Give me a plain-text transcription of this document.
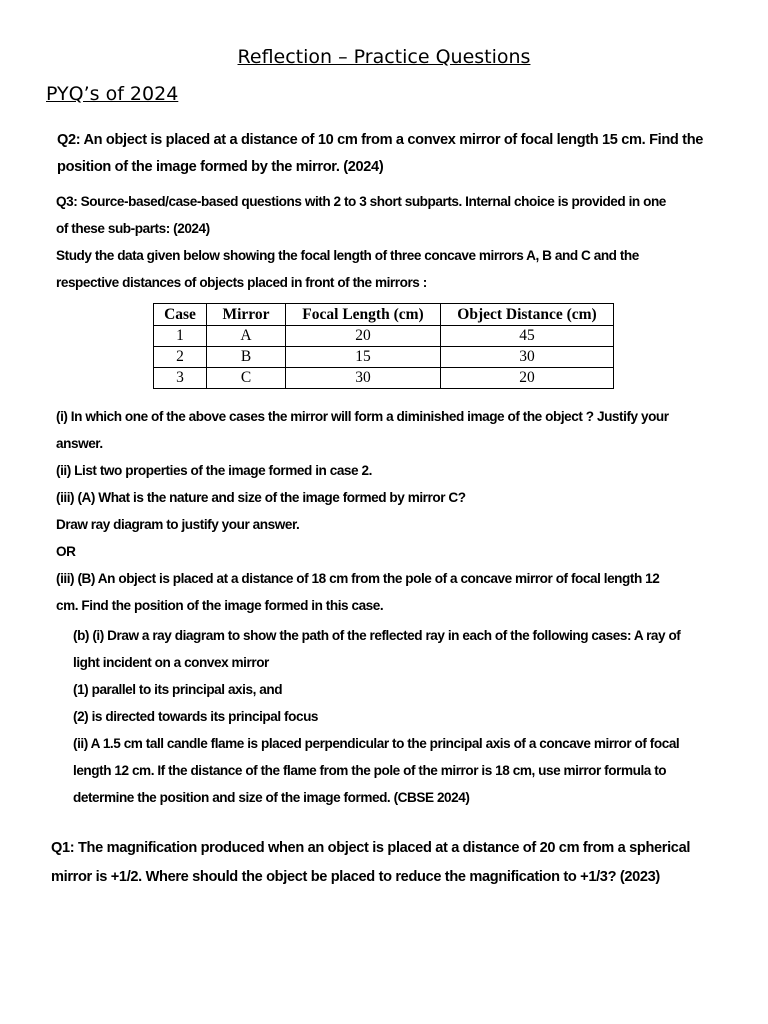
Reflection – Practice Questions
PYQ’s of 2024
Q2: An object is placed at a distance of 10 cm from a convex mirror of focal length 15 cm. Find the
position of the image formed by the mirror. (2024)
Q3: Source-based/case-based questions with 2 to 3 short subparts. Internal choice is provided in one
of these sub-parts: (2024)
Study the data given below showing the focal length of three concave mirrors A, B and C and the
respective distances of objects placed in front of the mirrors :
Case	Mirror	Focal Length (cm)	Object Distance (cm)
1	A	20	45
2	B	15	30
3	C	30	20
(i) In which one of the above cases the mirror will form a diminished image of the object ? Justify your
answer.
(ii) List two properties of the image formed in case 2.
(iii) (A) What is the nature and size of the image formed by mirror C?
Draw ray diagram to justify your answer.
OR
(iii) (B) An object is placed at a distance of 18 cm from the pole of a concave mirror of focal length 12
cm. Find the position of the image formed in this case.
(b) (i) Draw a ray diagram to show the path of the reflected ray in each of the following cases: A ray of
light incident on a convex mirror
(1) parallel to its principal axis, and
(2) is directed towards its principal focus
(ii) A 1.5 cm tall candle flame is placed perpendicular to the principal axis of a concave mirror of focal
length 12 cm. If the distance of the flame from the pole of the mirror is 18 cm, use mirror formula to
determine the position and size of the image formed. (CBSE 2024)
Q1: The magnification produced when an object is placed at a distance of 20 cm from a spherical
mirror is +1/2. Where should the object be placed to reduce the magnification to +1/3? (2023)
